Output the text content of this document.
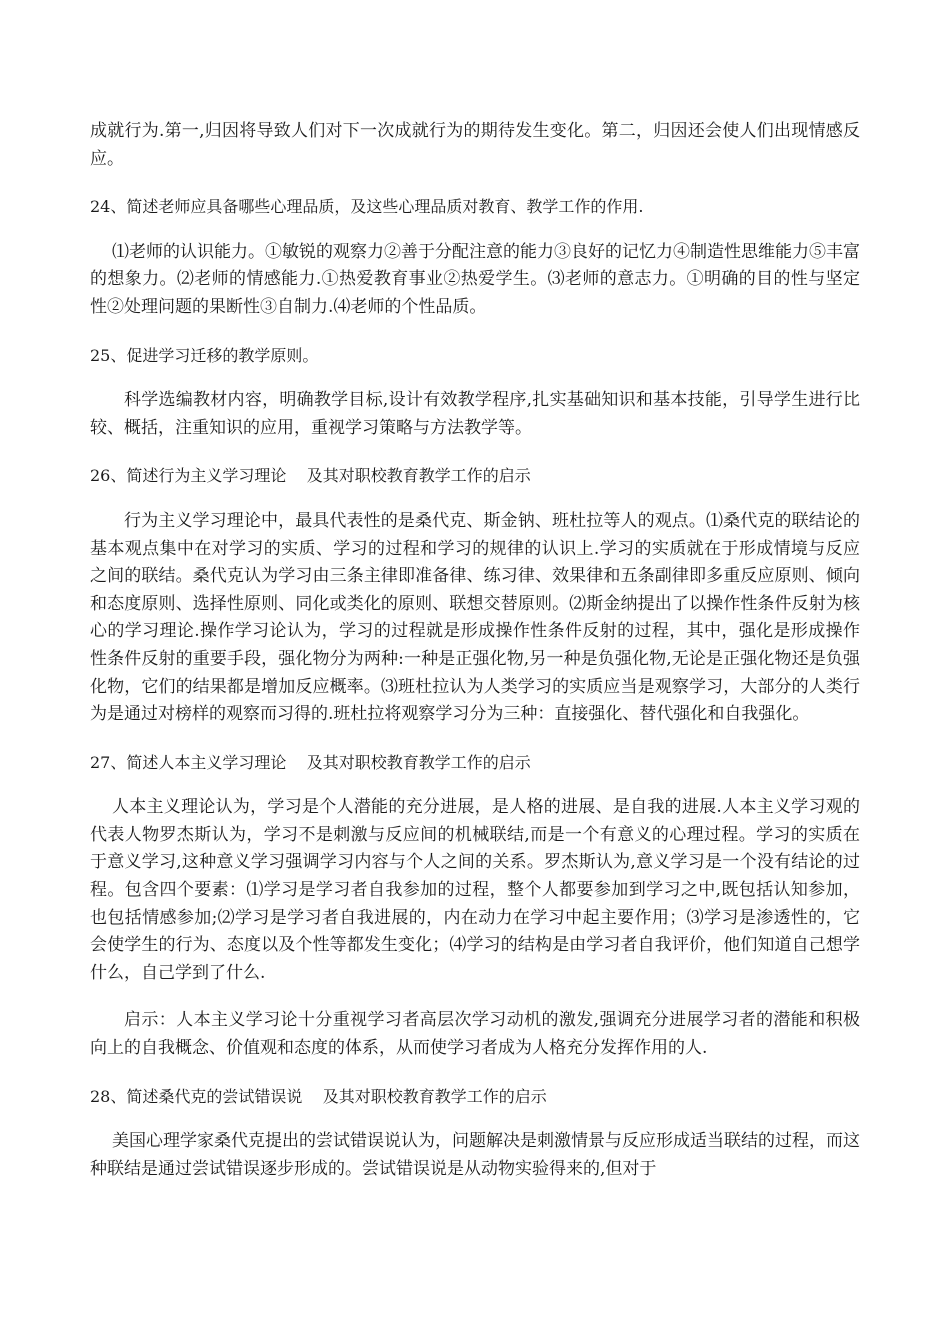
成就行为.第一,归因将导致人们对下一次成就行为的期待发生变化。第二，归因还会使人们出现情感反应。

24、简述老师应具备哪些心理品质，及这些心理品质对教育、教学工作的作用.

⑴老师的认识能力。①敏锐的观察力②善于分配注意的能力③良好的记忆力④制造性思维能力⑤丰富的想象力。⑵老师的情感能力.①热爱教育事业②热爱学生。⑶老师的意志力。①明确的目的性与坚定性②处理问题的果断性③自制力.⑷老师的个性品质。

25、促进学习迁移的教学原则。

科学选编教材内容，明确教学目标,设计有效教学程序,扎实基础知识和基本技能，引导学生进行比较、概括，注重知识的应用，重视学习策略与方法教学等。

26、简述行为主义学习理论    及其对职校教育教学工作的启示

行为主义学习理论中，最具代表性的是桑代克、斯金钠、班杜拉等人的观点。⑴桑代克的联结论的基本观点集中在对学习的实质、学习的过程和学习的规律的认识上.学习的实质就在于形成情境与反应之间的联结。桑代克认为学习由三条主律即准备律、练习律、效果律和五条副律即多重反应原则、倾向和态度原则、选择性原则、同化或类化的原则、联想交替原则。⑵斯金纳提出了以操作性条件反射为核心的学习理论.操作学习论认为，学习的过程就是形成操作性条件反射的过程，其中，强化是形成操作性条件反射的重要手段，强化物分为两种:一种是正强化物,另一种是负强化物,无论是正强化物还是负强化物，它们的结果都是增加反应概率。⑶班杜拉认为人类学习的实质应当是观察学习，大部分的人类行为是通过对榜样的观察而习得的.班杜拉将观察学习分为三种：直接强化、替代强化和自我强化。

27、简述人本主义学习理论    及其对职校教育教学工作的启示

人本主义理论认为，学习是个人潜能的充分进展，是人格的进展、是自我的进展.人本主义学习观的代表人物罗杰斯认为，学习不是刺激与反应间的机械联结,而是一个有意义的心理过程。学习的实质在于意义学习,这种意义学习强调学习内容与个人之间的关系。罗杰斯认为,意义学习是一个没有结论的过程。包含四个要素：⑴学习是学习者自我参加的过程，整个人都要参加到学习之中,既包括认知参加，也包括情感参加;⑵学习是学习者自我进展的，内在动力在学习中起主要作用；⑶学习是渗透性的，它会使学生的行为、态度以及个性等都发生变化；⑷学习的结构是由学习者自我评价，他们知道自己想学什么，自己学到了什么.

启示：人本主义学习论十分重视学习者高层次学习动机的激发,强调充分进展学习者的潜能和积极向上的自我概念、价值观和态度的体系，从而使学习者成为人格充分发挥作用的人.

28、简述桑代克的尝试错误说    及其对职校教育教学工作的启示

美国心理学家桑代克提出的尝试错误说认为，问题解决是刺激情景与反应形成适当联结的过程，而这种联结是通过尝试错误逐步形成的。尝试错误说是从动物实验得来的,但对于
